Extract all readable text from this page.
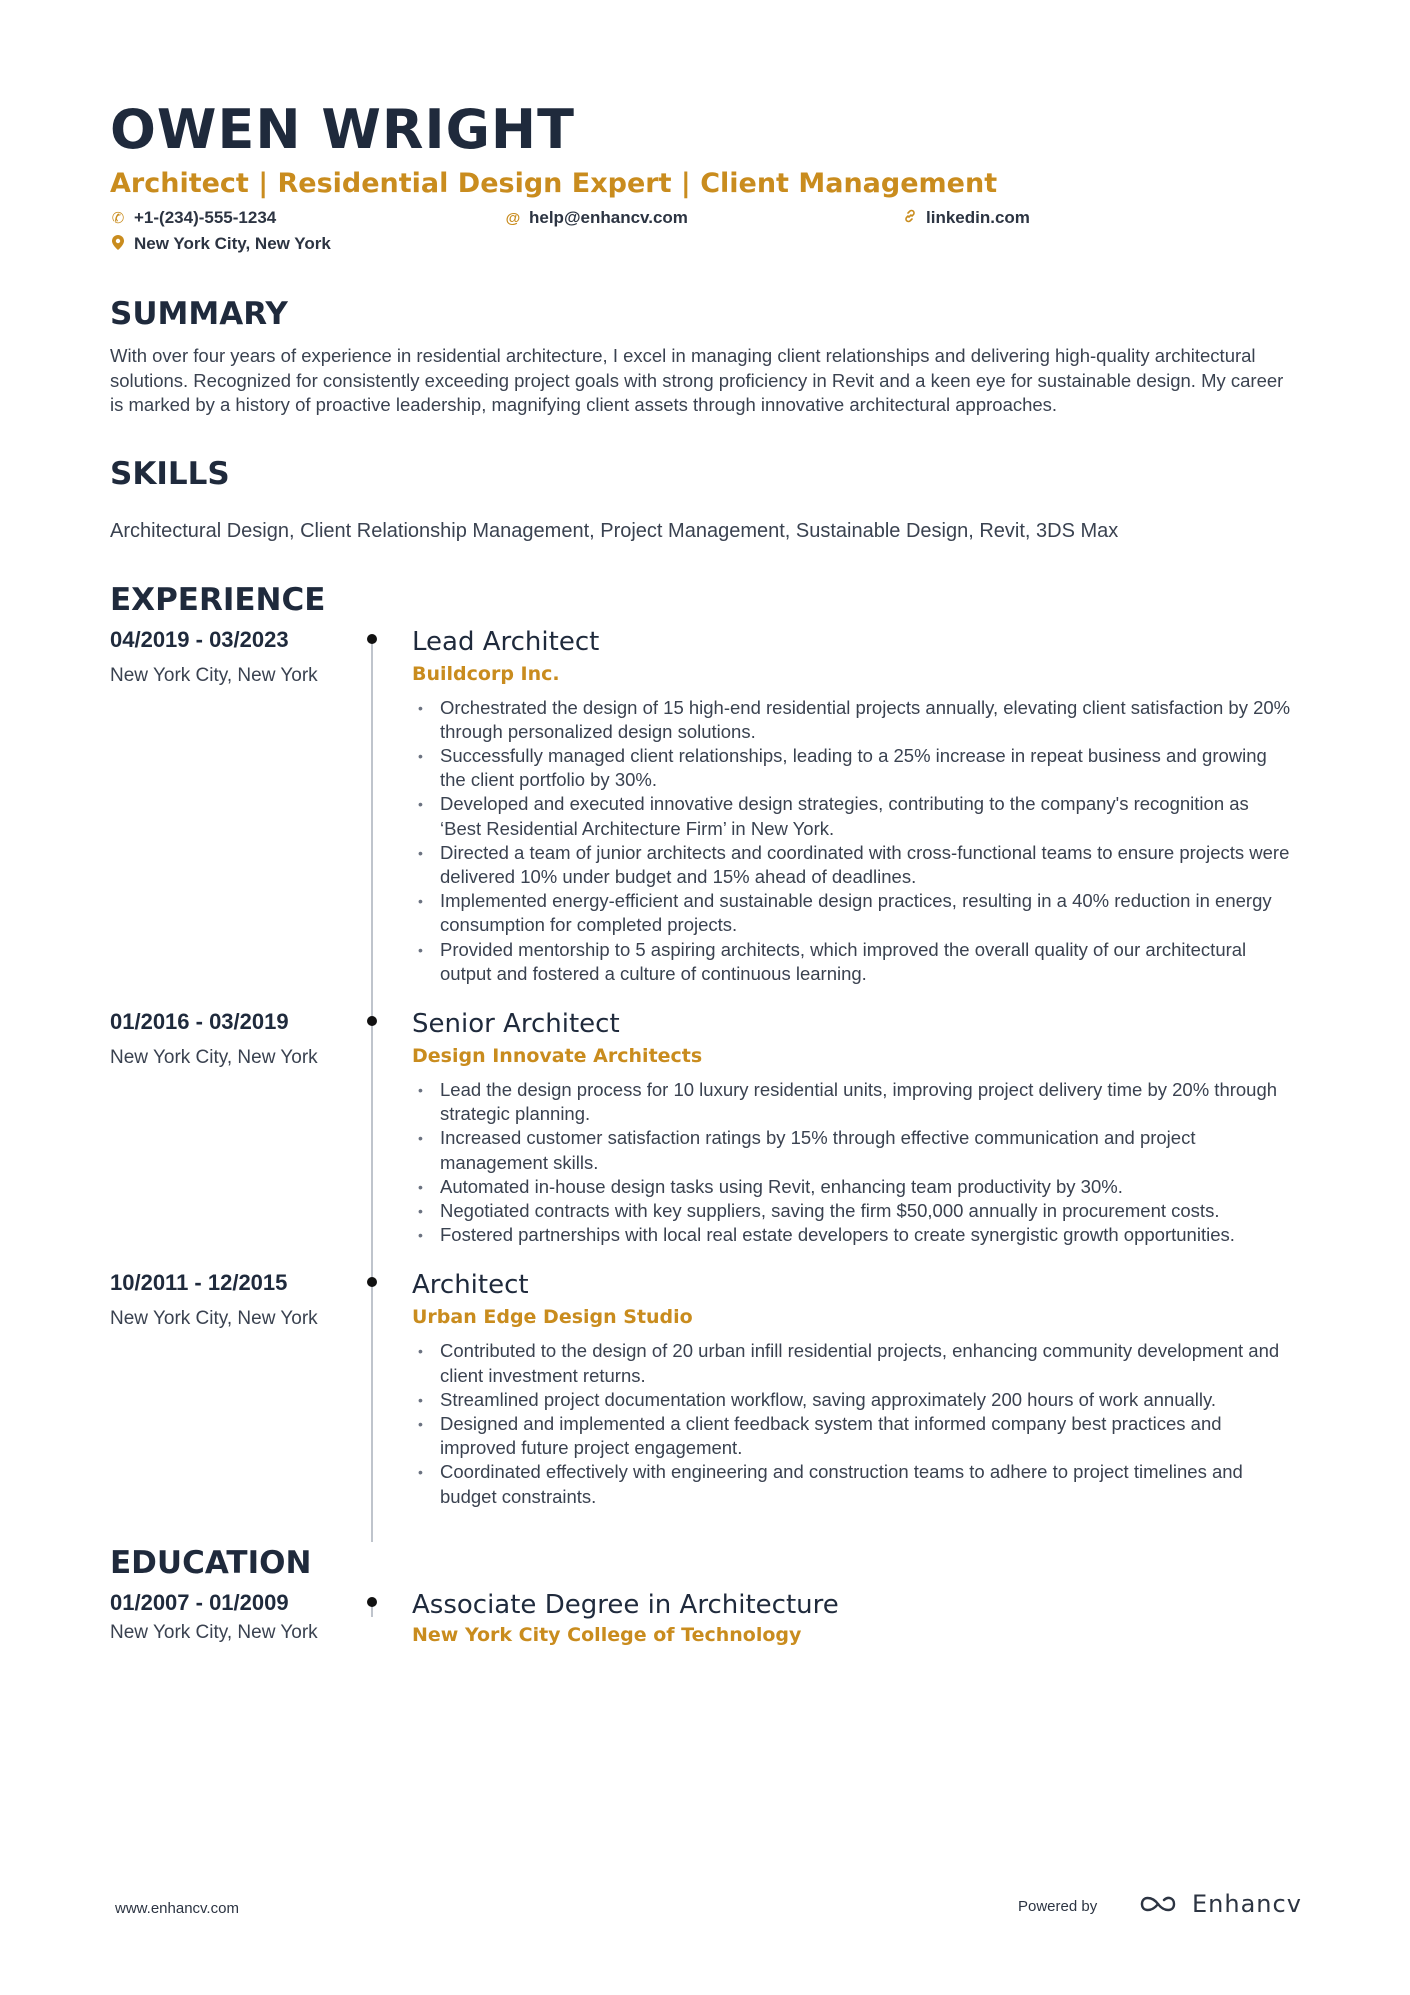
OWEN WRIGHT
Architect | Residential Design Expert | Client Management
✆ +1-(234)-555-1234	@ help@enhancv.com	linkedin.com
New York City, New York
SUMMARY
With over four years of experience in residential architecture, I excel in managing client relationships and delivering high-quality architectural solutions. Recognized for consistently exceeding project goals with strong proficiency in Revit and a keen eye for sustainable design. My career is marked by a history of proactive leadership, magnifying client assets through innovative architectural approaches.
SKILLS
Architectural Design, Client Relationship Management, Project Management, Sustainable Design, Revit, 3DS Max
EXPERIENCE
04/2019 - 03/2023
New York City, New York
Lead Architect
Buildcorp Inc.
• Orchestrated the design of 15 high-end residential projects annually, elevating client satisfaction by 20% through personalized design solutions.
• Successfully managed client relationships, leading to a 25% increase in repeat business and growing the client portfolio by 30%.
• Developed and executed innovative design strategies, contributing to the company's recognition as ‘Best Residential Architecture Firm’ in New York.
• Directed a team of junior architects and coordinated with cross-functional teams to ensure projects were delivered 10% under budget and 15% ahead of deadlines.
• Implemented energy-efficient and sustainable design practices, resulting in a 40% reduction in energy consumption for completed projects.
• Provided mentorship to 5 aspiring architects, which improved the overall quality of our architectural output and fostered a culture of continuous learning.
01/2016 - 03/2019
New York City, New York
Senior Architect
Design Innovate Architects
• Lead the design process for 10 luxury residential units, improving project delivery time by 20% through strategic planning.
• Increased customer satisfaction ratings by 15% through effective communication and project management skills.
• Automated in-house design tasks using Revit, enhancing team productivity by 30%.
• Negotiated contracts with key suppliers, saving the firm $50,000 annually in procurement costs.
• Fostered partnerships with local real estate developers to create synergistic growth opportunities.
10/2011 - 12/2015
New York City, New York
Architect
Urban Edge Design Studio
• Contributed to the design of 20 urban infill residential projects, enhancing community development and client investment returns.
• Streamlined project documentation workflow, saving approximately 200 hours of work annually.
• Designed and implemented a client feedback system that informed company best practices and improved future project engagement.
• Coordinated effectively with engineering and construction teams to adhere to project timelines and budget constraints.
EDUCATION
01/2007 - 01/2009
New York City, New York
Associate Degree in Architecture
New York City College of Technology
www.enhancv.com	Powered by	Enhancv
